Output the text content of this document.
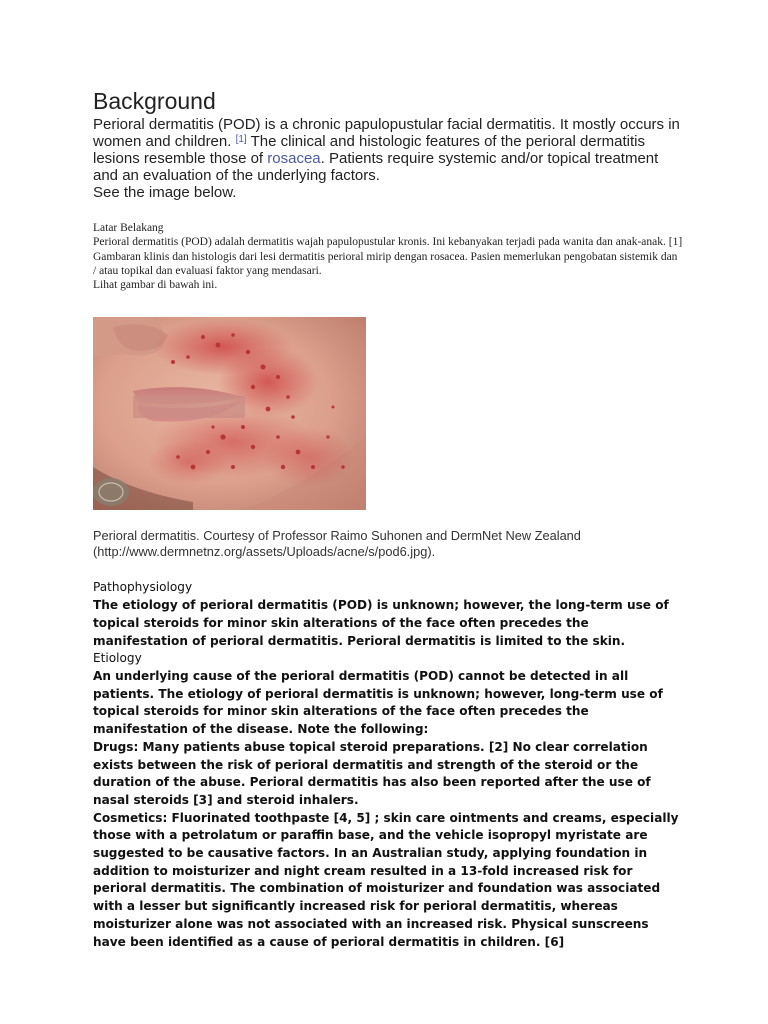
Background

Perioral dermatitis (POD) is a chronic papulopustular facial dermatitis. It mostly occurs in women and children. [1] The clinical and histologic features of the perioral dermatitis lesions resemble those of rosacea. Patients require systemic and/or topical treatment and an evaluation of the underlying factors.

See the image below.

Latar Belakang

Perioral dermatitis (POD) adalah dermatitis wajah papulopustular kronis. Ini kebanyakan terjadi pada wanita dan anak-anak. [1] Gambaran klinis dan histologis dari lesi dermatitis perioral mirip dengan rosacea. Pasien memerlukan pengobatan sistemik dan / atau topikal dan evaluasi faktor yang mendasari.

Lihat gambar di bawah ini.

Perioral dermatitis. Courtesy of Professor Raimo Suhonen and DermNet New Zealand (http://www.dermnetnz.org/assets/Uploads/acne/s/pod6.jpg).

Pathophysiology

The etiology of perioral dermatitis (POD) is unknown; however, the long-term use of topical steroids for minor skin alterations of the face often precedes the manifestation of perioral dermatitis. Perioral dermatitis is limited to the skin.

Etiology

An underlying cause of the perioral dermatitis (POD) cannot be detected in all patients. The etiology of perioral dermatitis is unknown; however, long-term use of topical steroids for minor skin alterations of the face often precedes the manifestation of the disease. Note the following:

Drugs: Many patients abuse topical steroid preparations. [2] No clear correlation exists between the risk of perioral dermatitis and strength of the steroid or the duration of the abuse. Perioral dermatitis has also been reported after the use of nasal steroids [3] and steroid inhalers.

Cosmetics: Fluorinated toothpaste [4, 5] ; skin care ointments and creams, especially those with a petrolatum or paraffin base, and the vehicle isopropyl myristate are suggested to be causative factors. In an Australian study, applying foundation in addition to moisturizer and night cream resulted in a 13-fold increased risk for perioral dermatitis. The combination of moisturizer and foundation was associated with a lesser but significantly increased risk for perioral dermatitis, whereas moisturizer alone was not associated with an increased risk. Physical sunscreens have been identified as a cause of perioral dermatitis in children. [6]
